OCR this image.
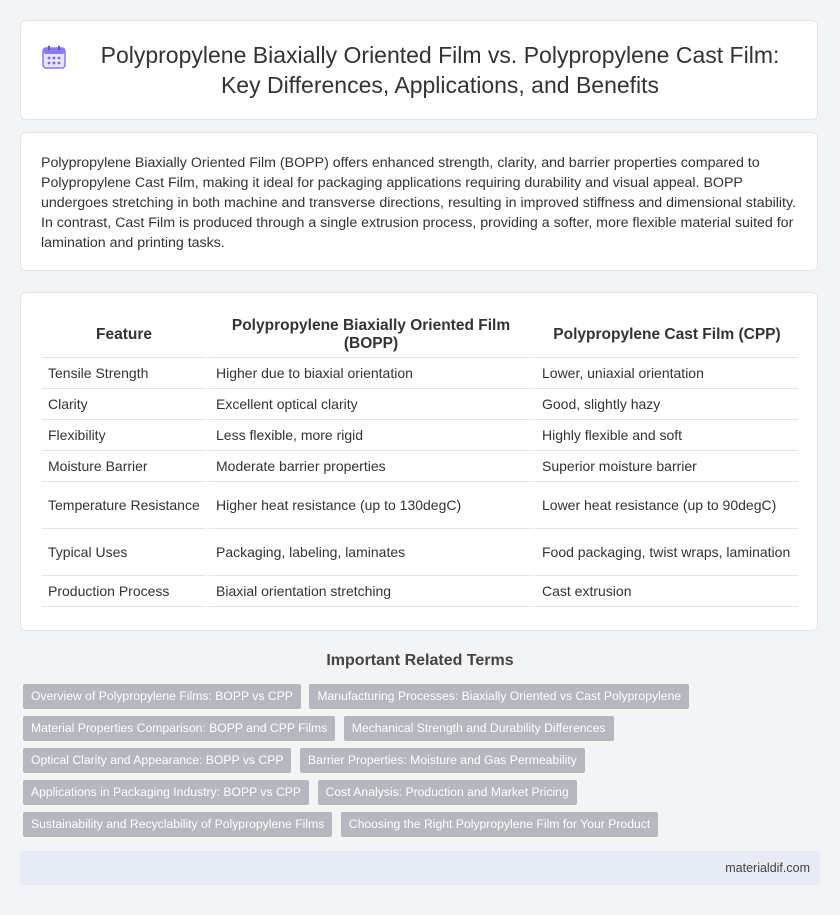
Polypropylene Biaxially Oriented Film vs. Polypropylene Cast Film: Key Differences, Applications, and Benefits

Polypropylene Biaxially Oriented Film (BOPP) offers enhanced strength, clarity, and barrier properties compared to Polypropylene Cast Film, making it ideal for packaging applications requiring durability and visual appeal. BOPP undergoes stretching in both machine and transverse directions, resulting in improved stiffness and dimensional stability. In contrast, Cast Film is produced through a single extrusion process, providing a softer, more flexible material suited for lamination and printing tasks.

Feature	Polypropylene Biaxially Oriented Film (BOPP)	Polypropylene Cast Film (CPP)
Tensile Strength	Higher due to biaxial orientation	Lower, uniaxial orientation
Clarity	Excellent optical clarity	Good, slightly hazy
Flexibility	Less flexible, more rigid	Highly flexible and soft
Moisture Barrier	Moderate barrier properties	Superior moisture barrier
Temperature Resistance	Higher heat resistance (up to 130degC)	Lower heat resistance (up to 90degC)
Typical Uses	Packaging, labeling, laminates	Food packaging, twist wraps, lamination
Production Process	Biaxial orientation stretching	Cast extrusion
Important Related Terms
Overview of Polypropylene Films: BOPP vs CPP Manufacturing Processes: Biaxially Oriented vs Cast Polypropylene
Material Properties Comparison: BOPP and CPP Films Mechanical Strength and Durability Differences
Optical Clarity and Appearance: BOPP vs CPP Barrier Properties: Moisture and Gas Permeability
Applications in Packaging Industry: BOPP vs CPP Cost Analysis: Production and Market Pricing
Sustainability and Recyclability of Polypropylene Films Choosing the Right Polypropylene Film for Your Product
materialdif.com
